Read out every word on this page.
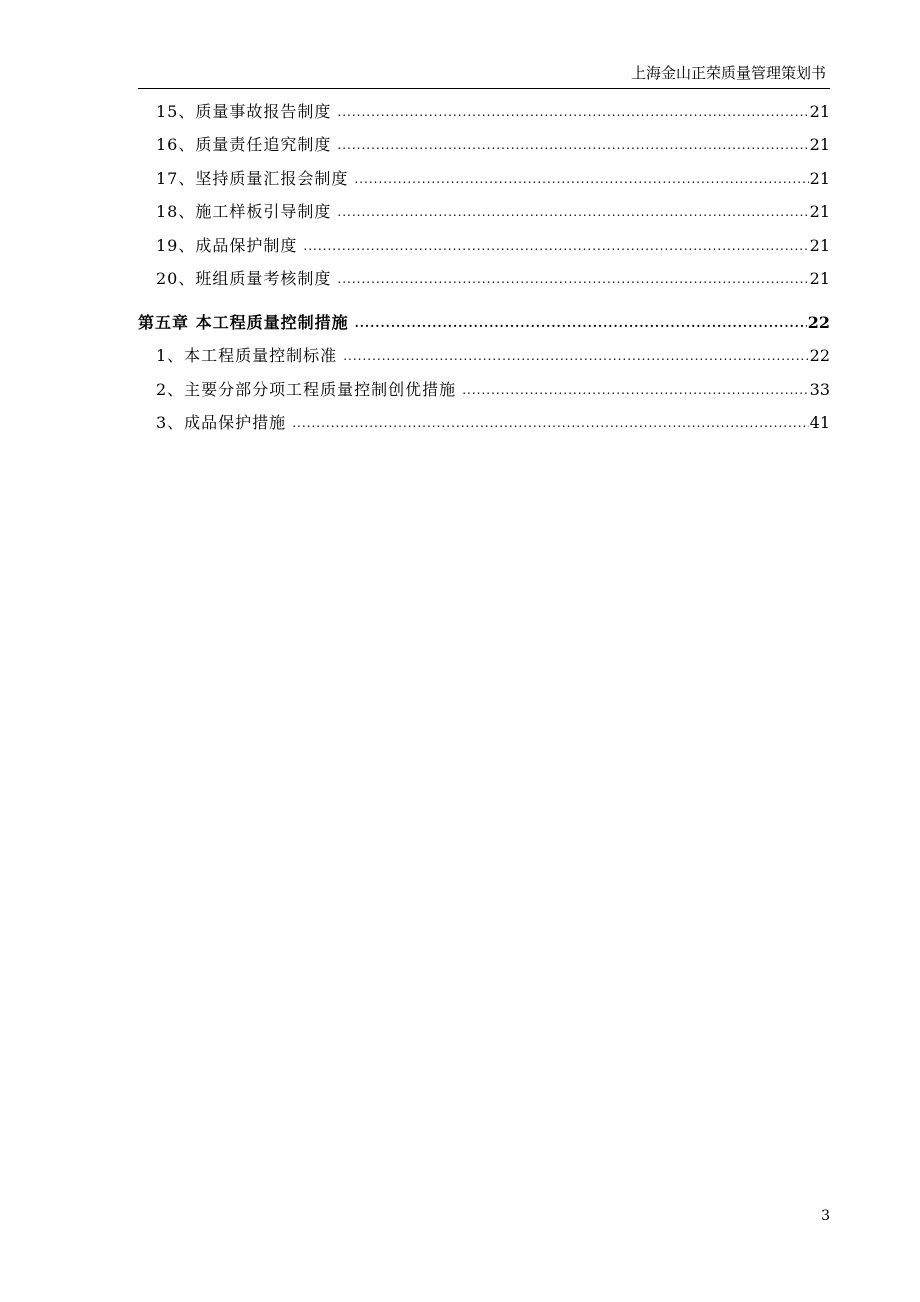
上海金山正荣质量管理策划书
15、质量事故报告制度 .....	21
16、质量责任追究制度 .....	21
17、坚持质量汇报会制度 .....	21
18、施工样板引导制度 .....	21
19、成品保护制度 .....	21
20、班组质量考核制度 .....	21
第五章 本工程质量控制措施 .....	22
1、本工程质量控制标准 .....	22
2、主要分部分项工程质量控制创优措施 .....	33
3、成品保护措施 .....	41
3
